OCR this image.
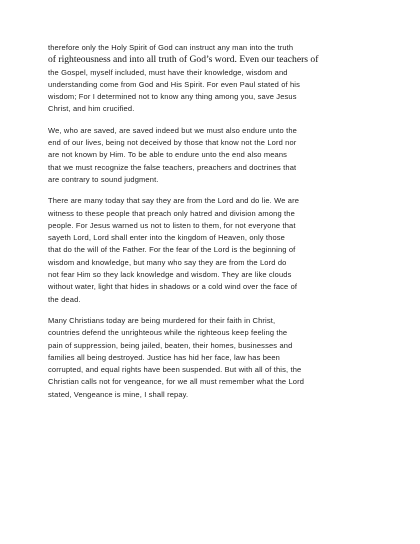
therefore only the Holy Spirit of God can instruct any man into the truth
of righteousness and into all truth of God’s word. Even our teachers of
the Gospel, myself included, must have their knowledge, wisdom and
understanding come from God and His Spirit. For even Paul stated of his
wisdom; For I determined not to know any thing among you, save Jesus
Christ, and him crucified.
We, who are saved, are saved indeed but we must also endure unto the
end of our lives, being not deceived by those that know not the Lord nor
are not known by Him. To be able to endure unto the end also means
that we must recognize the false teachers, preachers and doctrines that
are contrary to sound judgment.
There are many today that say they are from the Lord and do lie. We are
witness to these people that preach only hatred and division among the
people. For Jesus warned us not to listen to them, for not everyone that
sayeth Lord, Lord shall enter into the kingdom of Heaven, only those
that do the will of the Father. For the fear of the Lord is the beginning of
wisdom and knowledge, but many who say they are from the Lord do
not fear Him so they lack knowledge and wisdom. They are like clouds
without water, light that hides in shadows or a cold wind over the face of
the dead.
Many Christians today are being murdered for their faith in Christ,
countries defend the unrighteous while the righteous keep feeling the
pain of suppression, being jailed, beaten, their homes, businesses and
families all being destroyed. Justice has hid her face, law has been
corrupted, and equal rights have been suspended. But with all of this, the
Christian calls not for vengeance, for we all must remember what the Lord
stated, Vengeance is mine, I shall repay.
